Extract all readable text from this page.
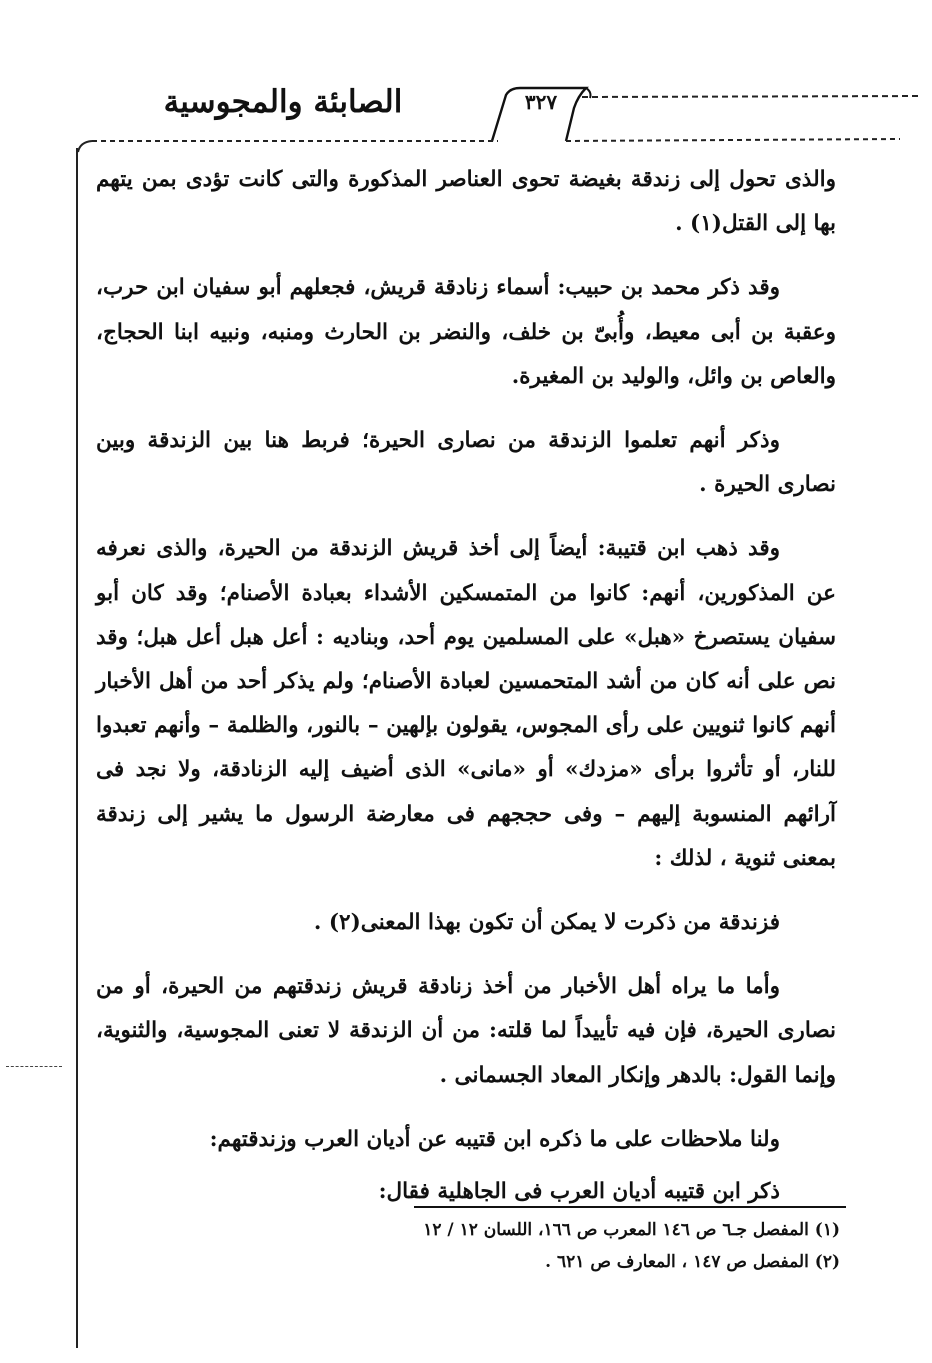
الصابئة والمجوسية	٣٢٧

والذى تحول إلى زندقة بغيضة تحوى العناصر المذكورة والتى كانت تؤدى بمن يتهم بها إلى القتل(١) .

وقد ذكر محمد بن حبيب: أسماء زنادقة قريش، فجعلهم أبو سفيان ابن حرب، وعقبة بن أبى معيط، وأُبىّ بن خلف، والنضر بن الحارث ومنبه، ونبيه ابنا الحجاج، والعاص بن وائل، والوليد بن المغيرة.

وذكر أنهم تعلموا الزندقة من نصارى الحيرة؛ فربط هنا بين الزندقة وبين نصارى الحيرة .

وقد ذهب ابن قتيبة: أيضاً إلى أخذ قريش الزندقة من الحيرة، والذى نعرفه عن المذكورين، أنهم: كانوا من المتمسكين الأشداء بعبادة الأصنام؛ وقد كان أبو سفيان يستصرخ «هبل» على المسلمين يوم أحد، وبناديه : أعل هبل أعل هبل؛ وقد نص على أنه كان من أشد المتحمسين لعبادة الأصنام؛ ولم يذكر أحد من أهل الأخبار أنهم كانوا ثنويين على رأى المجوس، يقولون بإلهين – بالنور، والظلمة – وأنهم تعبدوا للنار، أو تأثروا برأى «مزدك» أو «مانى» الذى أضيف إليه الزنادقة، ولا نجد فى آرائهم المنسوبة إليهم – وفى حججهم فى معارضة الرسول ما يشير إلى زندقة بمعنى ثنوية ، لذلك :

فزندقة من ذكرت لا يمكن أن تكون بهذا المعنى(٢) .

وأما ما يراه أهل الأخبار من أخذ زنادقة قريش زندقتهم من الحيرة، أو من نصارى الحيرة، فإن فيه تأييداً لما قلته: من أن الزندقة لا تعنى المجوسية، والثنوية، وإنما القول: بالدهر وإنكار المعاد الجسمانى .

ولنا ملاحظات على ما ذكره ابن قتيبه عن أديان العرب وزندقتهم:

ذكر ابن قتيبه أديان العرب فى الجاهلية فقال:

(١) المفصل جـ٦ ص ١٤٦ المعرب ص ١٦٦، اللسان ١٢ / ١٢
(٢) المفصل ص ١٤٧ ، المعارف ص ٦٢١ .
